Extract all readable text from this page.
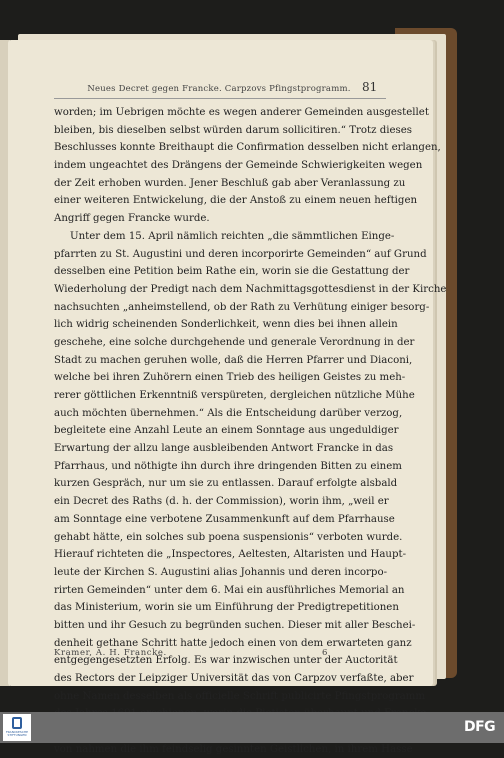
Neues Decret gegen Francke. Carpzovs Pfingstprogramm. 81
worden; im Uebrigen möchte es wegen anderer Gemeinden ausgestellet
bleiben, bis dieselben selbst würden darum sollicitiren.“ Trotz dieses
Beschlusses konnte Breithaupt die Confirmation desselben nicht erlangen,
indem ungeachtet des Drängens der Gemeinde Schwierigkeiten wegen
der Zeit erhoben wurden. Jener Beschluß gab aber Veranlassung zu
einer weiteren Entwickelung, die der Anstoß zu einem neuen heftigen
Angriff gegen Francke wurde.
Unter dem 15. April nämlich reichten „die sämmtlichen Einge-
pfarrten zu St. Augustini und deren incorporirte Gemeinden“ auf Grund
desselben eine Petition beim Rathe ein, worin sie die Gestattung der
Wiederholung der Predigt nach dem Nachmittagsgottesdienst in der Kirche
nachsuchten „anheimstellend, ob der Rath zu Verhütung einiger besorg-
lich widrig scheinenden Sonderlichkeit, wenn dies bei ihnen allein
geschehe, eine solche durchgehende und generale Verordnung in der
Stadt zu machen geruhen wolle, daß die Herren Pfarrer und Diaconi,
welche bei ihren Zuhörern einen Trieb des heiligen Geistes zu meh-
rerer göttlichen Erkenntniß verspüreten, dergleichen nützliche Mühe
auch möchten übernehmen.“ Als die Entscheidung darüber verzog,
begleitete eine Anzahl Leute an einem Sonntage aus ungeduldiger
Erwartung der allzu lange ausbleibenden Antwort Francke in das
Pfarrhaus, und nöthigte ihn durch ihre dringenden Bitten zu einem
kurzen Gespräch, nur um sie zu entlassen. Darauf erfolgte alsbald
ein Decret des Raths (d. h. der Commission), worin ihm, „weil er
am Sonntage eine verbotene Zusammenkunft auf dem Pfarrhause
gehabt hätte, ein solches sub poena suspensionis“ verboten wurde.
Hierauf richteten die „Inspectores, Aeltesten, Altaristen und Haupt-
leute der Kirchen S. Augustini alias Johannis und deren incorpo-
rirten Gemeinden“ unter dem 6. Mai ein ausführliches Memorial an
das Ministerium, worin sie um Einführung der Predigtrepetitionen
bitten und ihr Gesuch zu begründen suchen. Dieser mit aller Beschei-
denheit gethane Schritt hatte jedoch einen von dem erwarteten ganz
entgegengesetzten Erfolg. Es war inzwischen unter der Auctorität
des Rectors der Leipziger Universität das von Carpzov verfaßte, aber
ohne Namen desselben als officielle Schrift publicirte Pfingstprogramm
von nahmen die ihm feindselig gesinnten Geistlichen, in ihrem Hasse
Kramer, A. H. Francke.	6
FRANCKESCHE STIFTUNGEN
DFG
